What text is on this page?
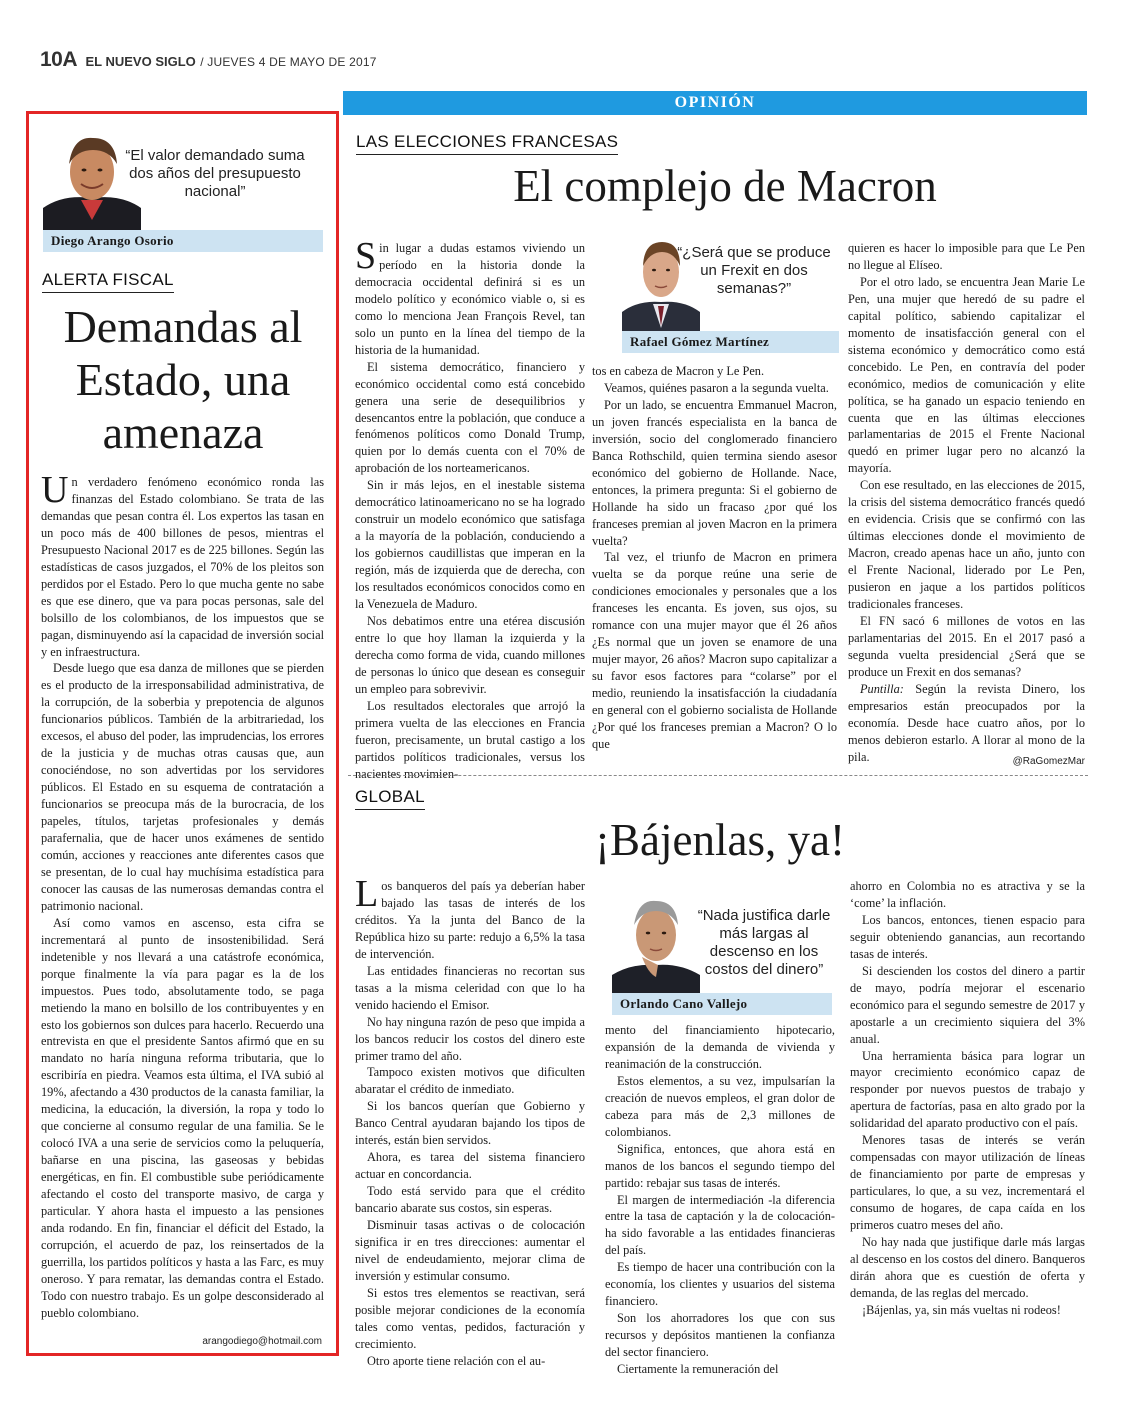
10A EL NUEVO SIGLO / JUEVES 4 DE MAYO DE 2017
OPINIÓN
“El valor demandado suma dos años del presupuesto nacional”
Diego Arango Osorio
ALERTA FISCAL
Demandas al Estado, una amenaza

Un verdadero fenómeno económico ronda las finanzas del Estado colombiano. Se trata de las demandas que pesan contra él. Los expertos las tasan en un poco más de 400 billones de pesos, mientras el Presupuesto Nacional 2017 es de 225 billones. Según las estadísticas de casos juzgados, el 70% de los pleitos son perdidos por el Estado. Pero lo que mucha gente no sabe es que ese dinero, que va para pocas personas, sale del bolsillo de los colombianos, de los impuestos que se pagan, disminuyendo así la capacidad de inversión social y en infraestructura.

Desde luego que esa danza de millones que se pierden es el producto de la irresponsabilidad administrativa, de la corrupción, de la soberbia y prepotencia de algunos funcionarios públicos. También de la arbitrariedad, los excesos, el abuso del poder, las imprudencias, los errores de la justicia y de muchas otras causas que, aun conociéndose, no son advertidas por los servidores públicos. El Estado en su esquema de contratación a funcionarios se preocupa más de la burocracia, de los papeles, títulos, tarjetas profesionales y demás parafernalia, que de hacer unos exámenes de sentido común, acciones y reacciones ante diferentes casos que se presentan, de lo cual hay muchísima estadística para conocer las causas de las numerosas demandas contra el patrimonio nacional.

Así como vamos en ascenso, esta cifra se incrementará al punto de insostenibilidad. Será indetenible y nos llevará a una catástrofe económica, porque finalmente la vía para pagar es la de los impuestos. Pues todo, absolutamente todo, se paga metiendo la mano en bolsillo de los contribuyentes y en esto los gobiernos son dulces para hacerlo. Recuerdo una entrevista en que el presidente Santos afirmó que en su mandato no haría ninguna reforma tributaria, que lo escribiría en piedra. Veamos esta última, el IVA subió al 19%, afectando a 430 productos de la canasta familiar, la medicina, la educación, la diversión, la ropa y todo lo que concierne al consumo regular de una familia. Se le colocó IVA a una serie de servicios como la peluquería, bañarse en una piscina, las gaseosas y bebidas energéticas, en fin. El combustible sube periódicamente afectando el costo del transporte masivo, de carga y particular. Y ahora hasta el impuesto a las pensiones anda rodando. En fin, financiar el déficit del Estado, la corrupción, el acuerdo de paz, los reinsertados de la guerrilla, los partidos políticos y hasta a las Farc, es muy oneroso. Y para rematar, las demandas contra el Estado. Todo con nuestro trabajo. Es un golpe desconsiderado al pueblo colombiano.

arangodiego@hotmail.com
LAS ELECCIONES FRANCESAS
El complejo de Macron

Sin lugar a dudas estamos viviendo un período en la historia donde la democracia occidental definirá si es un modelo político y económico viable o, si es como lo menciona Jean François Revel, tan solo un punto en la línea del tiempo de la historia de la humanidad.

El sistema democrático, financiero y económico occidental como está concebido genera una serie de desequilibrios y desencantos entre la población, que conduce a fenómenos políticos como Donald Trump, quien por lo demás cuenta con el 70% de aprobación de los norteamericanos.

Sin ir más lejos, en el inestable sistema democrático latinoamericano no se ha logrado construir un modelo económico que satisfaga a la mayoría de la población, conduciendo a los gobiernos caudillistas que imperan en la región, más de izquierda que de derecha, con los resultados económicos conocidos como en la Venezuela de Maduro.

Nos debatimos entre una etérea discusión entre lo que hoy llaman la izquierda y la derecha como forma de vida, cuando millones de personas lo único que desean es conseguir un empleo para sobrevivir.

Los resultados electorales que arrojó la primera vuelta de las elecciones en Francia fueron, precisamente, un brutal castigo a los partidos políticos tradicionales, versus los nacientes movimien-

“¿Será que se produce un Frexit en dos semanas?”
Rafael Gómez Martínez

tos en cabeza de Macron y Le Pen.

Veamos, quiénes pasaron a la segunda vuelta.

Por un lado, se encuentra Emmanuel Macron, un joven francés especialista en la banca de inversión, socio del conglomerado financiero Banca Rothschild, quien termina siendo asesor económico del gobierno de Hollande. Nace, entonces, la primera pregunta: Si el gobierno de Hollande ha sido un fracaso ¿por qué los franceses premian al joven Macron en la primera vuelta?

Tal vez, el triunfo de Macron en primera vuelta se da porque reúne una serie de condiciones emocionales y personales que a los franceses les encanta. Es joven, sus ojos, su romance con una mujer mayor que él 26 años ¿Es normal que un joven se enamore de una mujer mayor, 26 años? Macron supo capitalizar a su favor esos factores para “colarse” por el medio, reuniendo la insatisfacción la ciudadanía en general con el gobierno socialista de Hollande ¿Por qué los franceses premian a Macron? O lo que

quieren es hacer lo imposible para que Le Pen no llegue al Elíseo.

Por el otro lado, se encuentra Jean Marie Le Pen, una mujer que heredó de su padre el capital político, sabiendo capitalizar el momento de insatisfacción general con el sistema económico y democrático como está concebido. Le Pen, en contravía del poder económico, medios de comunicación y elite política, se ha ganado un espacio teniendo en cuenta que en las últimas elecciones parlamentarias de 2015 el Frente Nacional quedó en primer lugar pero no alcanzó la mayoría.

Con ese resultado, en las elecciones de 2015, la crisis del sistema democrático francés quedó en evidencia. Crisis que se confirmó con las últimas elecciones donde el movimiento de Macron, creado apenas hace un año, junto con el Frente Nacional, liderado por Le Pen, pusieron en jaque a los partidos políticos tradicionales franceses.

El FN sacó 6 millones de votos en las parlamentarias del 2015. En el 2017 pasó a segunda vuelta presidencial ¿Será que se produce un Frexit en dos semanas?

Puntilla: Según la revista Dinero, los empresarios están preocupados por la economía. Desde hace cuatro años, por lo menos debieron estarlo. A llorar al mono de la pila.	@RaGomezMar
GLOBAL
¡Bájenlas, ya!

Los banqueros del país ya deberían haber bajado las tasas de interés de los créditos. Ya la junta del Banco de la República hizo su parte: redujo a 6,5% la tasa de intervención.

Las entidades financieras no recortan sus tasas a la misma celeridad con que lo ha venido haciendo el Emisor.

No hay ninguna razón de peso que impida a los bancos reducir los costos del dinero este primer tramo del año.

Tampoco existen motivos que dificulten abaratar el crédito de inmediato.

Si los bancos querían que Gobierno y Banco Central ayudaran bajando los tipos de interés, están bien servidos.

Ahora, es tarea del sistema financiero actuar en concordancia.

Todo está servido para que el crédito bancario abarate sus costos, sin esperas.

Disminuir tasas activas o de colocación significa ir en tres direcciones: aumentar el nivel de endeudamiento, mejorar clima de inversión y estimular consumo.

Si estos tres elementos se reactivan, será posible mejorar condiciones de la economía tales como ventas, pedidos, facturación y crecimiento.

Otro aporte tiene relación con el au-

“Nada justifica darle más largas al descenso en los costos del dinero”
Orlando Cano Vallejo

mento del financiamiento hipotecario, expansión de la demanda de vivienda y reanimación de la construcción.

Estos elementos, a su vez, impulsarían la creación de nuevos empleos, el gran dolor de cabeza para más de 2,3 millones de colombianos.

Significa, entonces, que ahora está en manos de los bancos el segundo tiempo del partido: rebajar sus tasas de interés.

El margen de intermediación -la diferencia entre la tasa de captación y la de colocación- ha sido favorable a las entidades financieras del país.

Es tiempo de hacer una contribución con la economía, los clientes y usuarios del sistema financiero.

Son los ahorradores los que con sus recursos y depósitos mantienen la confianza del sector financiero.

Ciertamente la remuneración del

ahorro en Colombia no es atractiva y se la ‘come’ la inflación.

Los bancos, entonces, tienen espacio para seguir obteniendo ganancias, aun recortando tasas de interés.

Si descienden los costos del dinero a partir de mayo, podría mejorar el escenario económico para el segundo semestre de 2017 y apostarle a un crecimiento siquiera del 3% anual.

Una herramienta básica para lograr un mayor crecimiento económico capaz de responder por nuevos puestos de trabajo y apertura de factorías, pasa en alto grado por la solidaridad del aparato productivo con el país.

Menores tasas de interés se verán compensadas con mayor utilización de líneas de financiamiento por parte de empresas y particulares, lo que, a su vez, incrementará el consumo de hogares, de capa caída en los primeros cuatro meses del año.

No hay nada que justifique darle más largas al descenso en los costos del dinero. Banqueros dirán ahora que es cuestión de oferta y demanda, de las reglas del mercado.

¡Bájenlas, ya, sin más vueltas ni rodeos!
